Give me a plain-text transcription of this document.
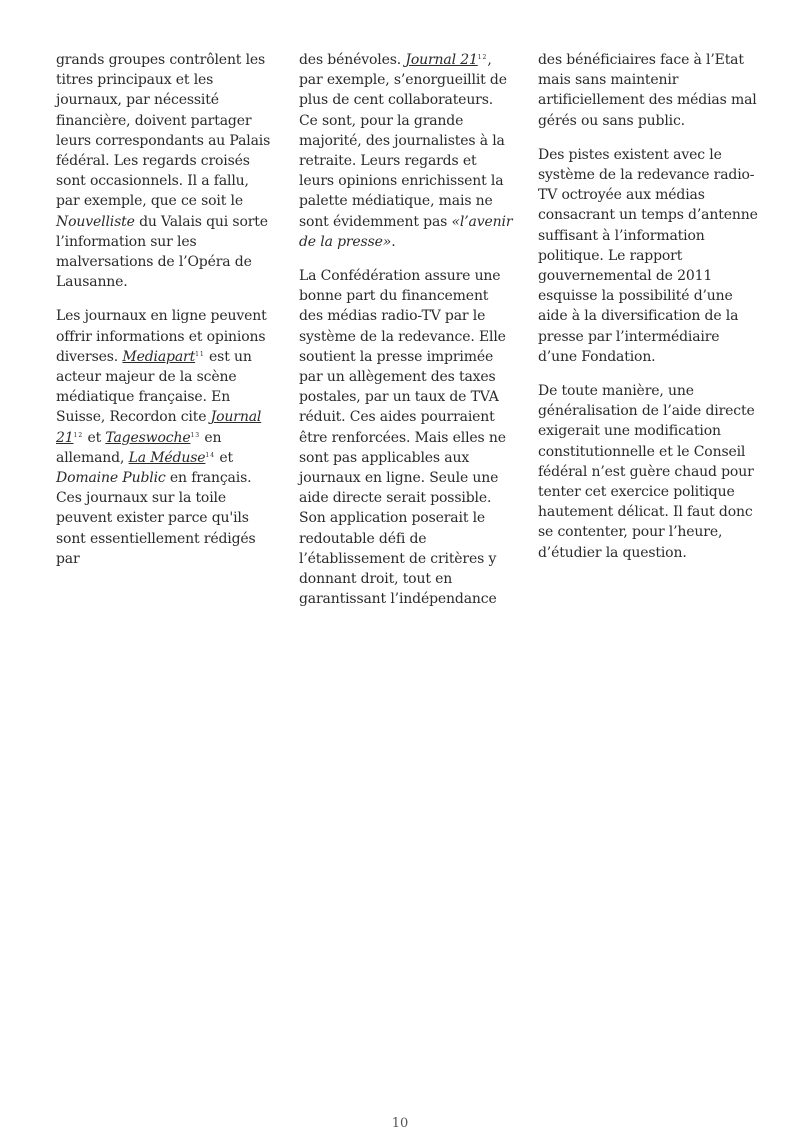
grands groupes contrôlent les titres principaux et les journaux, par nécessité financière, doivent partager leurs correspondants au Palais fédéral. Les regards croisés sont occasionnels. Il a fallu, par exemple, que ce soit le Nouvelliste du Valais qui sorte l’information sur les malversations de l’Opéra de Lausanne.

Les journaux en ligne peuvent offrir informations et opinions diverses. Mediapart$^{11}$ est un acteur majeur de la scène médiatique française. En Suisse, Recordon cite Journal $21^{12}$ et Tageswoche$^{13}$ en allemand, La Méduse$^{14}$ et Domaine Public en français. Ces journaux sur la toile peuvent exister parce qu'ils sont essentiellement rédigés par

des bénévoles. Journal $21^{12}$, par exemple, s’enorgueillit de plus de cent collaborateurs. Ce sont, pour la grande majorité, des journalistes à la retraite. Leurs regards et leurs opinions enrichissent la palette médiatique, mais ne sont évidemment pas «l’avenir de la presse».

La Confédération assure une bonne part du financement des médias radio-TV par le système de la redevance. Elle soutient la presse imprimée par un allègement des taxes postales, par un taux de TVA réduit. Ces aides pourraient être renforcées. Mais elles ne sont pas applicables aux journaux en ligne. Seule une aide directe serait possible. Son application poserait le redoutable défi de l’établissement de critères y donnant droit, tout en garantissant l’indépendance

des bénéficiaires face à l’Etat mais sans maintenir artificiellement des médias mal gérés ou sans public.

Des pistes existent avec le système de la redevance radio-TV octroyée aux médias consacrant un temps d’antenne suffisant à l’information politique. Le rapport gouvernemental de 2011 esquisse la possibilité d’une aide à la diversification de la presse par l’intermédiaire d’une Fondation.

De toute manière, une généralisation de l’aide directe exigerait une modification constitutionnelle et le Conseil fédéral n’est guère chaud pour tenter cet exercice politique hautement délicat. Il faut donc se contenter, pour l’heure, d’étudier la question.

10
